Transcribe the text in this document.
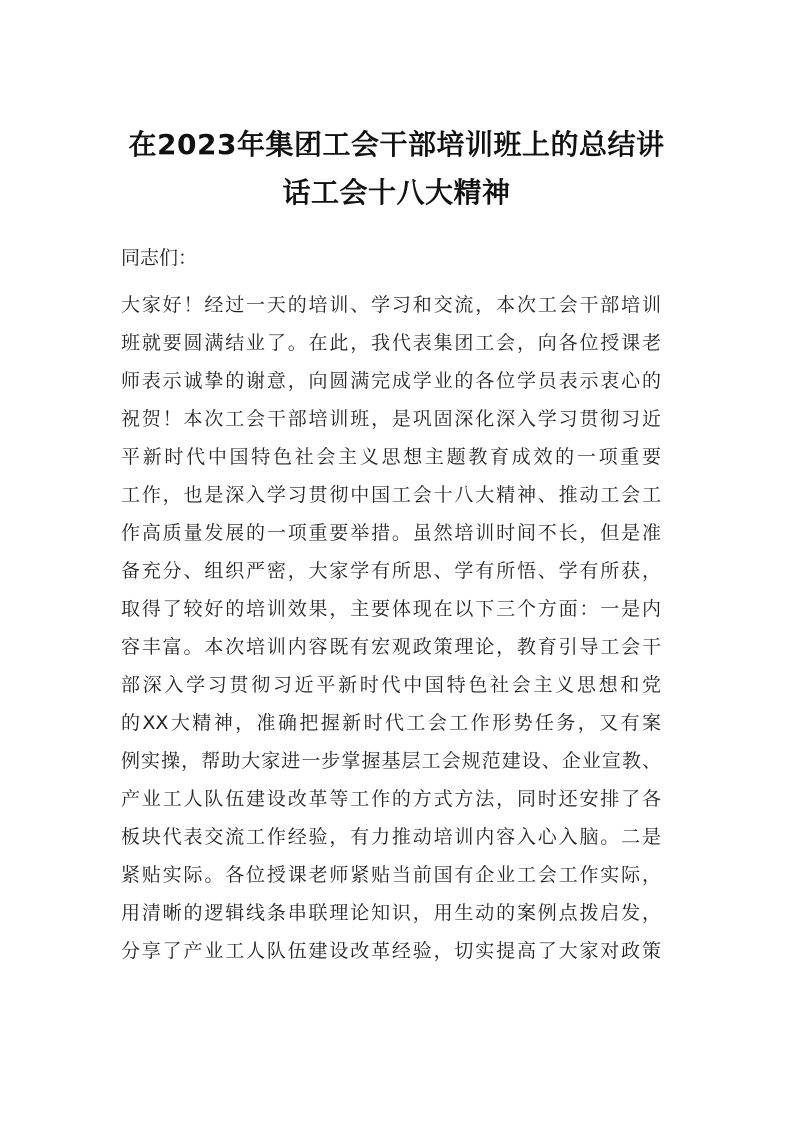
在2023年集团工会干部培训班上的总结讲
话工会十八大精神
同志们：
大家好！经过一天的培训、学习和交流，本次工会干部培训
班就要圆满结业了。在此，我代表集团工会，向各位授课老
师表示诚挚的谢意，向圆满完成学业的各位学员表示衷心的
祝贺！本次工会干部培训班，是巩固深化深入学习贯彻习近
平新时代中国特色社会主义思想主题教育成效的一项重要
工作，也是深入学习贯彻中国工会十八大精神、推动工会工
作高质量发展的一项重要举措。虽然培训时间不长，但是准
备充分、组织严密，大家学有所思、学有所悟、学有所获，
取得了较好的培训效果，主要体现在以下三个方面：一是内
容丰富。本次培训内容既有宏观政策理论，教育引导工会干
部深入学习贯彻习近平新时代中国特色社会主义思想和党
的XX大精神，准确把握新时代工会工作形势任务，又有案
例实操，帮助大家进一步掌握基层工会规范建设、企业宣教、
产业工人队伍建设改革等工作的方式方法，同时还安排了各
板块代表交流工作经验，有力推动培训内容入心入脑。二是
紧贴实际。各位授课老师紧贴当前国有企业工会工作实际，
用清晰的逻辑线条串联理论知识，用生动的案例点拨启发，
分享了产业工人队伍建设改革经验，切实提高了大家对政策
